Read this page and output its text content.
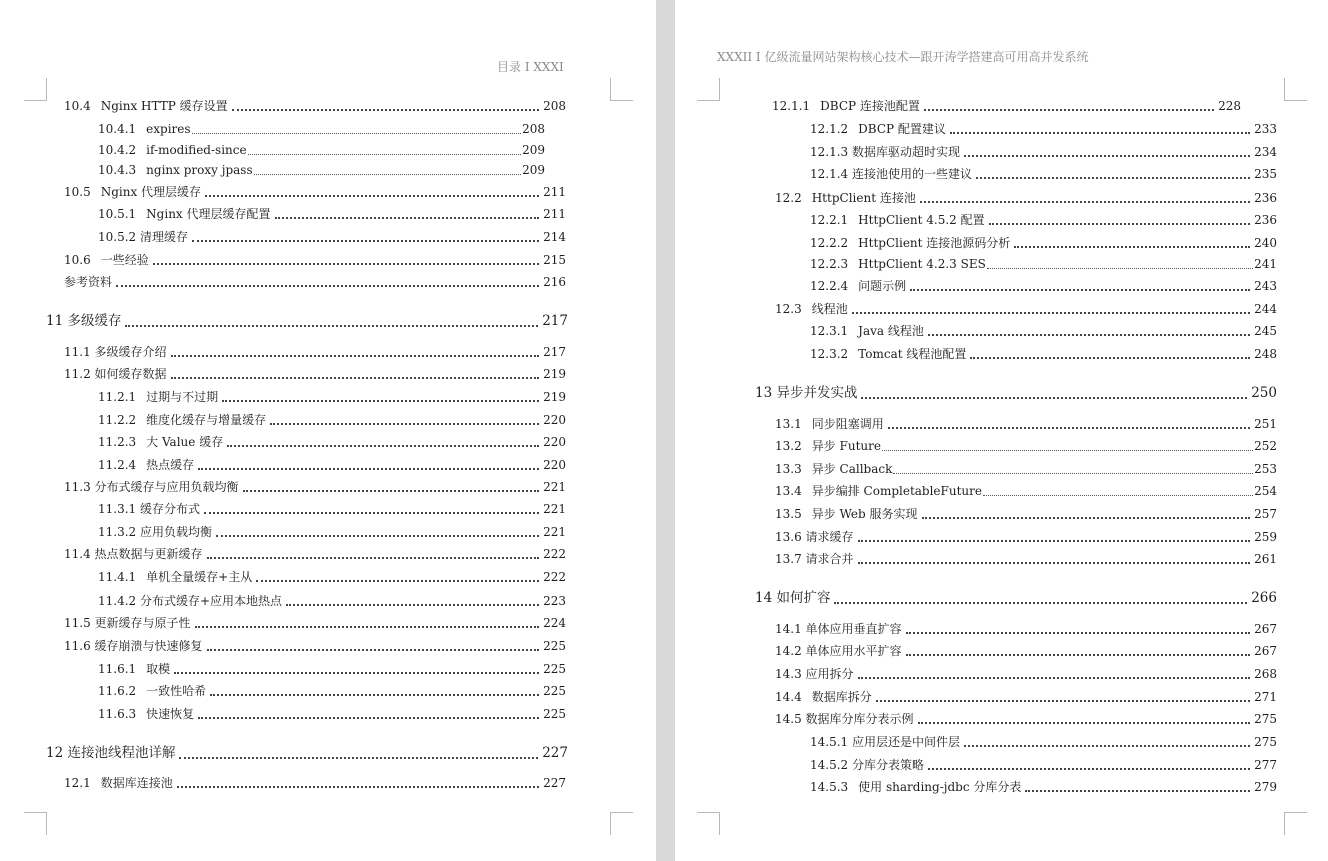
目录 I XXXI
10.4 Nginx HTTP 缓存设置	208
10.4.1 expires	208
10.4.2 if-modified-since	209
10.4.3 nginx proxy jpass	209
10.5 Nginx 代理层缓存	211
10.5.1 Nginx 代理层缓存配置	211
10.5.2 清理缓存	214
10.6 一些经验	215
参考资料	216
11 多级缓存	217
11.1 多级缓存介绍	217
11.2 如何缓存数据	219
11.2.1 过期与不过期	219
11.2.2 维度化缓存与增量缓存	220
11.2.3 大 Value 缓存	220
11.2.4 热点缓存	220
11.3 分布式缓存与应用负载均衡	221
11.3.1 缓存分布式	221
11.3.2 应用负载均衡	221
11.4 热点数据与更新缓存	222
11.4.1 单机全量缓存+主从	222
11.4.2 分布式缓存+应用本地热点	223
11.5 更新缓存与原子性	224
11.6 缓存崩溃与快速修复	225
11.6.1 取模	225
11.6.2 一致性哈希	225
11.6.3 快速恢复	225
12 连接池线程池详解	227
12.1 数据库连接池	227
XXXII I 亿级流量网站架构核心技术—跟开涛学搭建高可用高并发系统
12.1.1 DBCP 连接池配置	228
12.1.2 DBCP 配置建议	233
12.1.3 数据库驱动超时实现	234
12.1.4 连接池使用的一些建议	235
12.2 HttpClient 连接池	236
12.2.1 HttpClient 4.5.2 配置	236
12.2.2 HttpClient 连接池源码分析	240
12.2.3 HttpClient 4.2.3 SES	241
12.2.4 问题示例	243
12.3 线程池	244
12.3.1 Java 线程池	245
12.3.2 Tomcat 线程池配置	248
13 异步并发实战	250
13.1 同步阻塞调用	251
13.2 异步 Future	252
13.3 异步 Callback	253
13.4 异步编排 CompletableFuture	254
13.5 异步 Web 服务实现	257
13.6 请求缓存	259
13.7 请求合并	261
14 如何扩容	266
14.1 单体应用垂直扩容	267
14.2 单体应用水平扩容	267
14.3 应用拆分	268
14.4 数据库拆分	271
14.5 数据库分库分表示例	275
14.5.1 应用层还是中间件层	275
14.5.2 分库分表策略	277
14.5.3 使用 sharding-jdbc 分库分表	279
